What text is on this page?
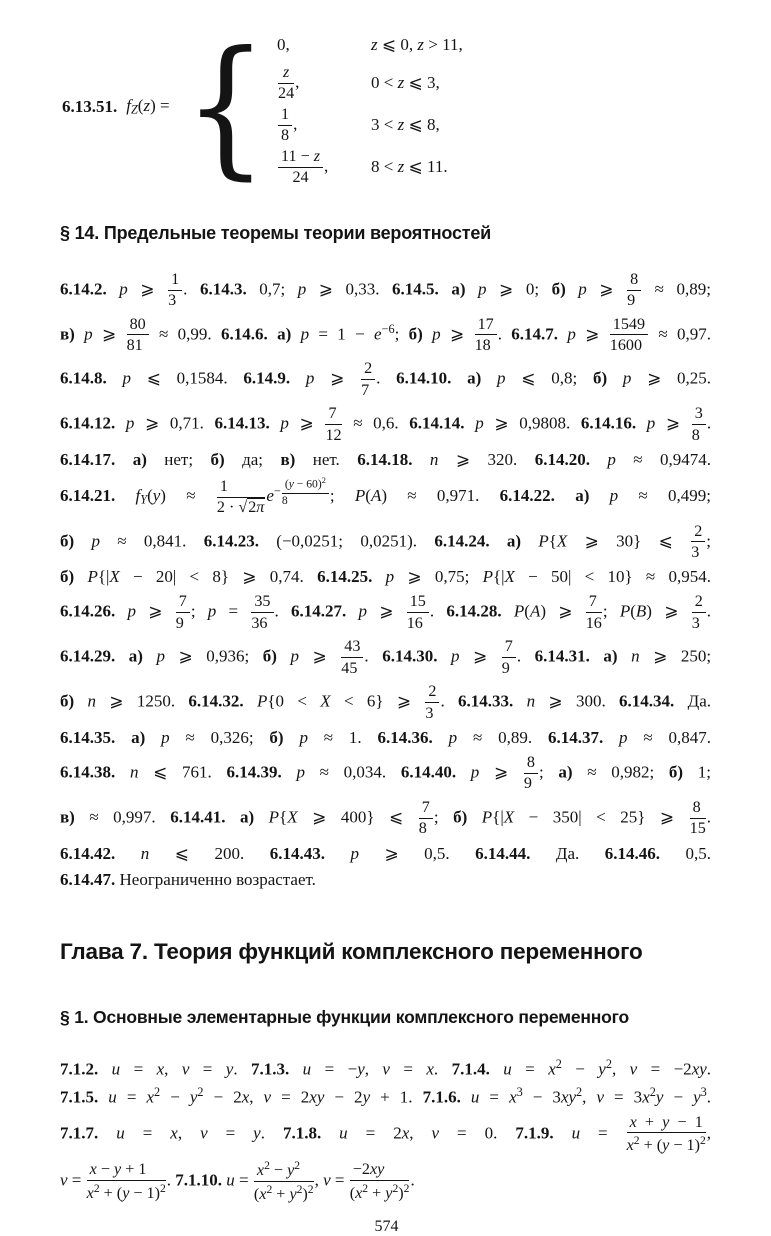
6.13.51. fZ(z) = { 0,	z ⩽ 0, z > 11,
$\frac{z}{24}$ ,	0 < z ⩽ 3,
$\frac{1}{8}$ ,	3 < z ⩽ 8,
$\frac{11 - z}{24}$ ,	8 < z ⩽ 11.
§ 14. Предельные теоремы теории вероятностей
6.14.2. p ⩾ $\frac{1}{3}$ . 6.14.3. 0,7; p ⩾ 0,33. 6.14.5. а) p ⩾ 0; б) p ⩾ $\frac{8}{9} \approx 0,89$;
в) p ⩾ $\frac{80}{81} \approx 0,99$. 6.14.6. а) $p = 1 - e^{-6}$; б) p ⩾ $\frac{17}{18}$ . 6.14.7. p ⩾ $\frac{1549}{1600} \approx 0,97$.
6.14.8. p ⩽ 0,1584. 6.14.9. p ⩾ $\frac{2}{7}$ . 6.14.10. а) p ⩽ 0,8; б) p ⩾ 0,25.
6.14.12. p ⩾ 0,71. 6.14.13. p ⩾ $\frac{7}{12} \approx 0,6$. 6.14.14. p ⩾ 0,9808. 6.14.16. p ⩾ $\frac{3}{8}$ .
6.14.17. а) нет; б) да; в) нет. 6.14.18. n ⩾ 320. 6.14.20. p ≈ 0,9474.
6.14.21. $fY(y) \approx \frac{1}{2 \cdot √2\pi} e^{- \frac{(y - 60)^2}{8}}$ ; P(A) ≈ 0,971. 6.14.22. а) p ≈ 0,499;
б) p ≈ 0,841. 6.14.23. (−0,0251; 0,0251). 6.14.24. а) P{X ⩾ 30} ⩽ $\frac{2}{3}$ ;
б) P{|X − 20| < 8} ⩾ 0,74. 6.14.25. p ⩾ 0,75; P{|X − 50| < 10} ≈ 0,954.
6.14.26. p ⩾ $\frac{7}{9}$ ; $p = \frac{35}{36}$ . 6.14.27. p ⩾ $\frac{15}{16}$ . 6.14.28. P(A) ⩾ $\frac{7}{16}$ ; P(B) ⩾ $\frac{2}{3}$ .
6.14.29. а) p ⩾ 0,936; б) p ⩾ $\frac{43}{45}$ . 6.14.30. p ⩾ $\frac{7}{9}$ . 6.14.31. а) n ⩾ 250;
б) n ⩾ 1250. 6.14.32. P{0 < X < 6} ⩾ $\frac{2}{3}$ . 6.14.33. n ⩾ 300. 6.14.34. Да.
6.14.35. а) p ≈ 0,326; б) p ≈ 1. 6.14.36. p ≈ 0,89. 6.14.37. p ≈ 0,847.
6.14.38. n ⩽ 761. 6.14.39. p ≈ 0,034. 6.14.40. p ⩾ $\frac{8}{9}$ ; а) ≈ 0,982; б) 1;
в) ≈ 0,997. 6.14.41. а) P{X ⩾ 400} ⩽ $\frac{7}{8}$ ; б) P{|X − 350| < 25} ⩾ $\frac{8}{15}$ .
6.14.42. n ⩽ 200. 6.14.43. p ⩾ 0,5. 6.14.44. Да. 6.14.46. 0,5.
6.14.47. Неограниченно возрастает.
Глава 7. Теория функций комплексного переменного
§ 1. Основные элементарные функции комплексного переменного
7.1.2. u = x, v = y. 7.1.3. u = −y, v = x. 7.1.4. $u = x^2 - y^2$, v = −2xy.
7.1.5. $u = x^2 - y^2 - 2x$, v = 2xy − 2y + 1. 7.1.6. $u = x^3 - 3xy^2$, $v = 3x^2y - y^3$.
7.1.7. u = x, v = y. 7.1.8. u = 2x, v = 0. 7.1.9. $u = \frac{x + y - 1}{x^2 + (y - 1)^2}$ ,
$v = \frac{x - y + 1}{x^2 + (y - 1)^2}$ . 7.1.10. $u = \frac{x^2 - y^2}{(x^2 + y^2)^2}$ , $v = \frac{-2xy}{(x^2 + y^2)^2}$ .
574
